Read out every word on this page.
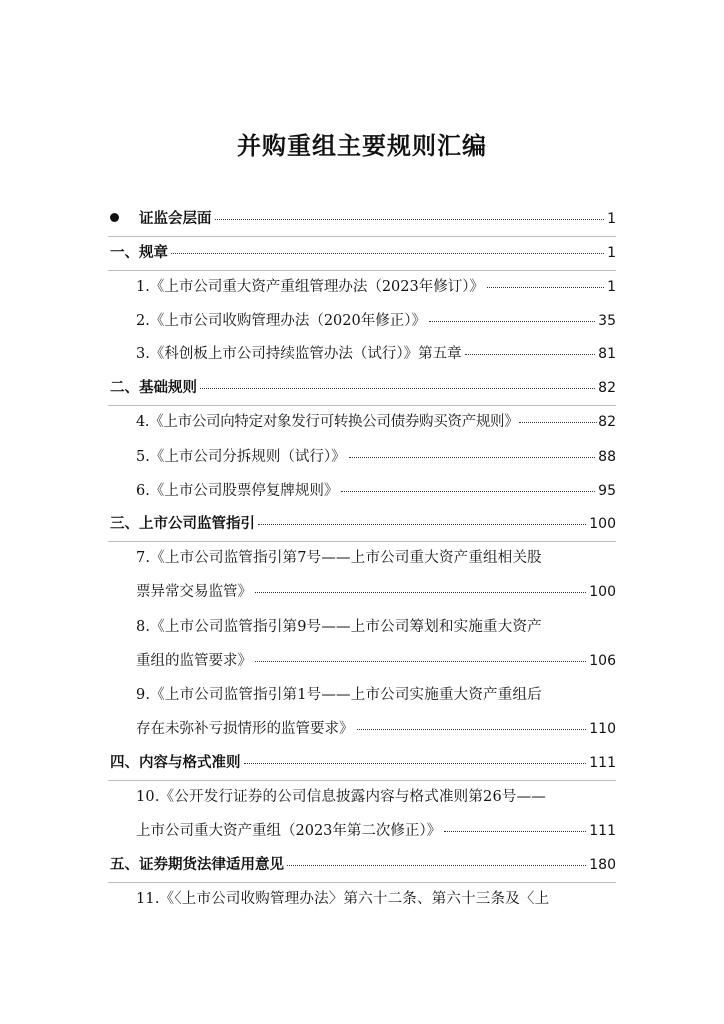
并购重组主要规则汇编
证监会层面	1
一、规章	1
1.《上市公司重大资产重组管理办法（2023年修订）》	1
2.《上市公司收购管理办法（2020年修正）》	35
3.《科创板上市公司持续监管办法（试行）》第五章	81
二、基础规则	82
4.《上市公司向特定对象发行可转换公司债券购买资产规则》	82
5.《上市公司分拆规则（试行）》	88
6.《上市公司股票停复牌规则》	95
三、上市公司监管指引	100
7.《上市公司监管指引第7号——上市公司重大资产重组相关股
票异常交易监管》	100
8.《上市公司监管指引第9号——上市公司筹划和实施重大资产
重组的监管要求》	106
9.《上市公司监管指引第1号——上市公司实施重大资产重组后
存在未弥补亏损情形的监管要求》	110
四、内容与格式准则	111
10.《公开发行证券的公司信息披露内容与格式准则第26号——
上市公司重大资产重组（2023年第二次修正）》	111
五、证券期货法律适用意见	180
11.《〈上市公司收购管理办法〉第六十二条、第六十三条及〈上
